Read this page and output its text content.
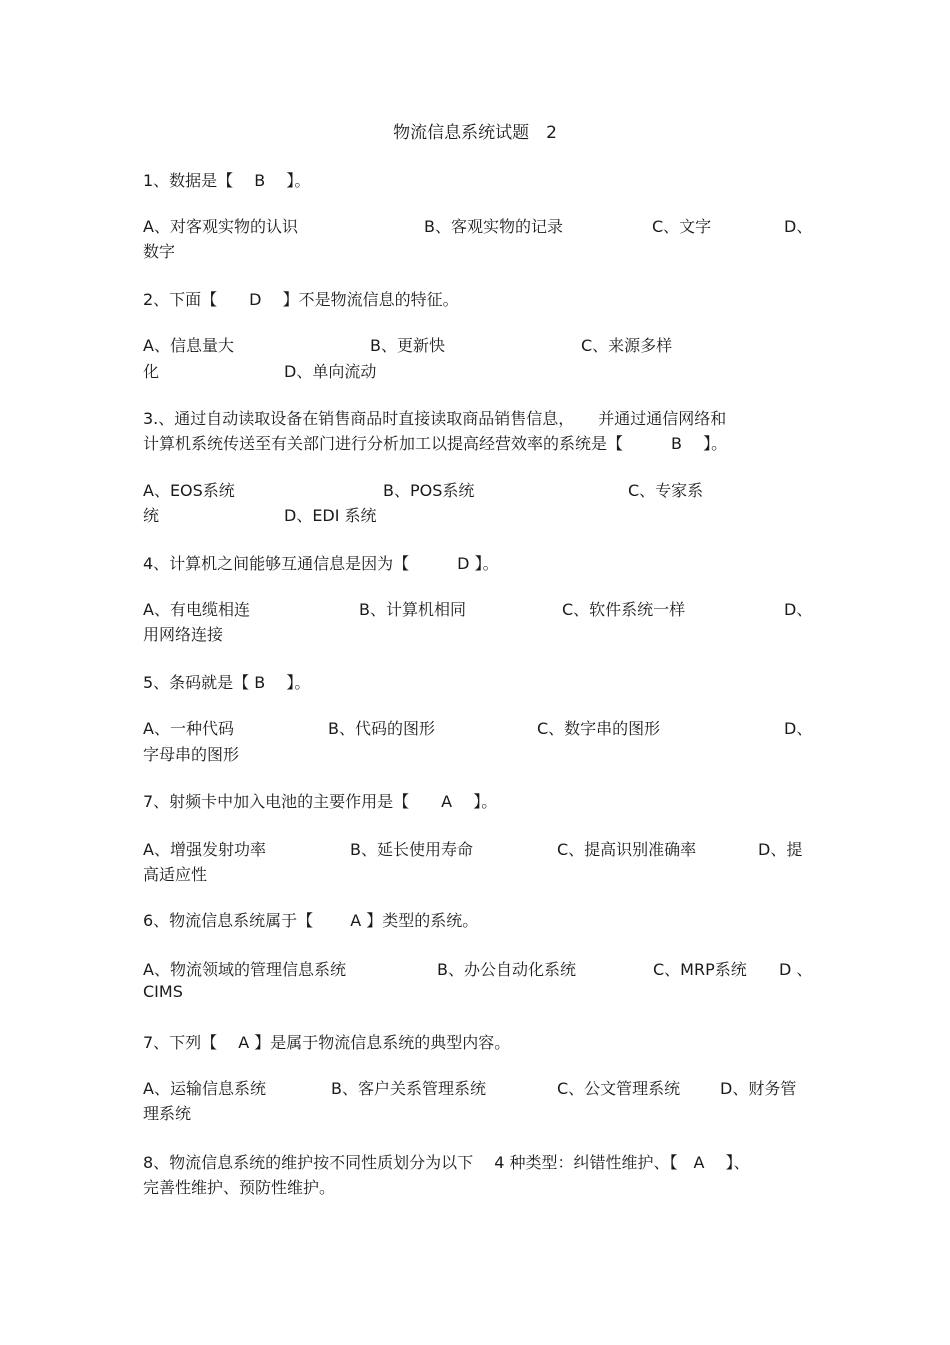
物流信息系统试题　2
1、数据是【　 B　 】。
A、对客观实物的认识	B、客观实物的记录	C、文字	D、
数字
2、下面【　　D　 】不是物流信息的特征。
A、信息量大	B、更新快	C、来源多样
化	D、单向流动
3.、通过自动读取设备在销售商品时直接读取商品销售信息，　　并通过通信网络和
计算机系统传送至有关部门进行分析加工以提高经营效率的系统是【　　　B　 】。
A、EOS系统	B、POS系统	C、专家系
统	D、EDI 系统
4、计算机之间能够互通信息是因为【　　　D 】。
A、有电缆相连	B、计算机相同	C、软件系统一样	D、
用网络连接
5、条码就是【 B 　】。
A、一种代码	B、代码的图形	C、数字串的图形	D、
字母串的图形
7、射频卡中加入电池的主要作用是【　　A　 】。
A、增强发射功率	B、延长使用寿命	C、提高识别准确率	D、提
高适应性
6、物流信息系统属于【　　 A 】类型的系统。
A、物流领域的管理信息系统	B、办公自动化系统	C、MRP系统 D 、
CIMS
7、下列【　 A 】是属于物流信息系统的典型内容。
A、运输信息系统	B、客户关系管理系统	C、公文管理系统 D、财务管
理系统
8、物流信息系统的维护按不同性质划分为以下　 4 种类型：纠错性维护、【　A　 】、
完善性维护、预防性维护。
